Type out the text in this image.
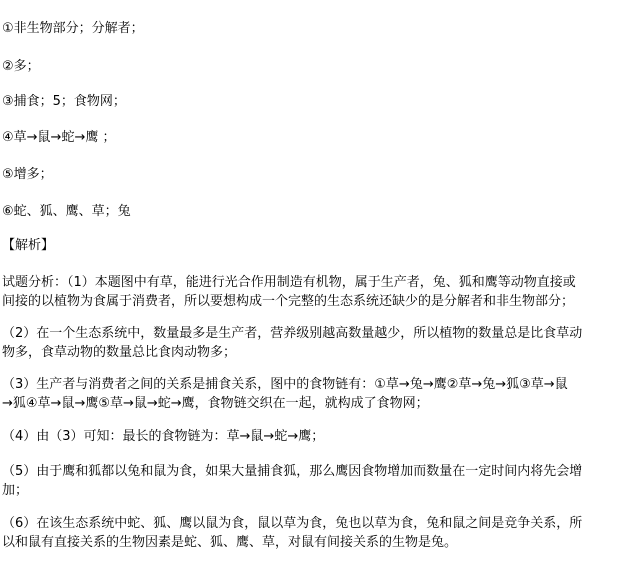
①非生物部分；分解者；
②多；
③捕食；5；食物网；
④草→鼠→蛇→鹰 ；
⑤增多；
⑥蛇、狐、鹰、草；兔
【解析】
试题分析：（1）本题图中有草，能进行光合作用制造有机物，属于生产者，兔、狐和鹰等动物直接或
间接的以植物为食属于消费者，所以要想构成一个完整的生态系统还缺少的是分解者和非生物部分；
（2）在一个生态系统中，数量最多是生产者，营养级别越高数量越少，所以植物的数量总是比食草动
物多，食草动物的数量总比食肉动物多；
（3）生产者与消费者之间的关系是捕食关系，图中的食物链有：①草→兔→鹰②草→兔→狐③草→鼠
→狐④草→鼠→鹰⑤草→鼠→蛇→鹰，食物链交织在一起，就构成了食物网；
（4）由（3）可知：最长的食物链为：草→鼠→蛇→鹰；
（5）由于鹰和狐都以兔和鼠为食，如果大量捕食狐，那么鹰因食物增加而数量在一定时间内将先会增
加；
（6）在该生态系统中蛇、狐、鹰以鼠为食，鼠以草为食，兔也以草为食，兔和鼠之间是竞争关系，所
以和鼠有直接关系的生物因素是蛇、狐、鹰、草，对鼠有间接关系的生物是兔。
